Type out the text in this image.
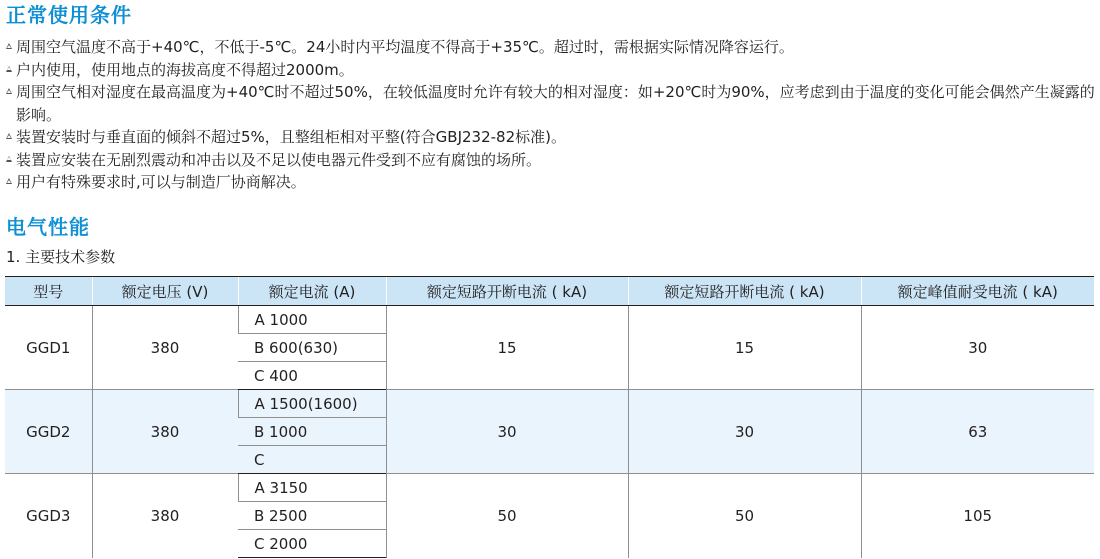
正常使用条件
周围空气温度不高于+40℃，不低于-5℃。24小时内平均温度不得高于+35℃。超过时，需根据实际情况降容运行。
户内使用，使用地点的海拔高度不得超过2000m。
周围空气相对湿度在最高温度为+40℃时不超过50%，在较低温度时允许有较大的相对湿度：如+20℃时为90%，应考虑到由于温度的变化可能会偶然产生凝露的影响。
装置安装时与垂直面的倾斜不超过5%，且整组柜相对平整(符合GBJ232-82标准)。
装置应安装在无剧烈震动和冲击以及不足以使电器元件受到不应有腐蚀的场所。
用户有特殊要求时,可以与制造厂协商解决。
电气性能

1. 主要技术参数

型号	额定电压 (V)	额定电流 (A)	额定短路开断电流 ( kA)	额定短路开断电流 ( kA)	额定峰值耐受电流 ( kA)
GGD1	380	A 1000	15	15	30
		B 600(630)			
		C 400			
GGD2	380	A 1500(1600)	30	30	63
		B 1000			
		C			
GGD3	380	A 3150	50	50	105
		B 2500			
		C 2000			
